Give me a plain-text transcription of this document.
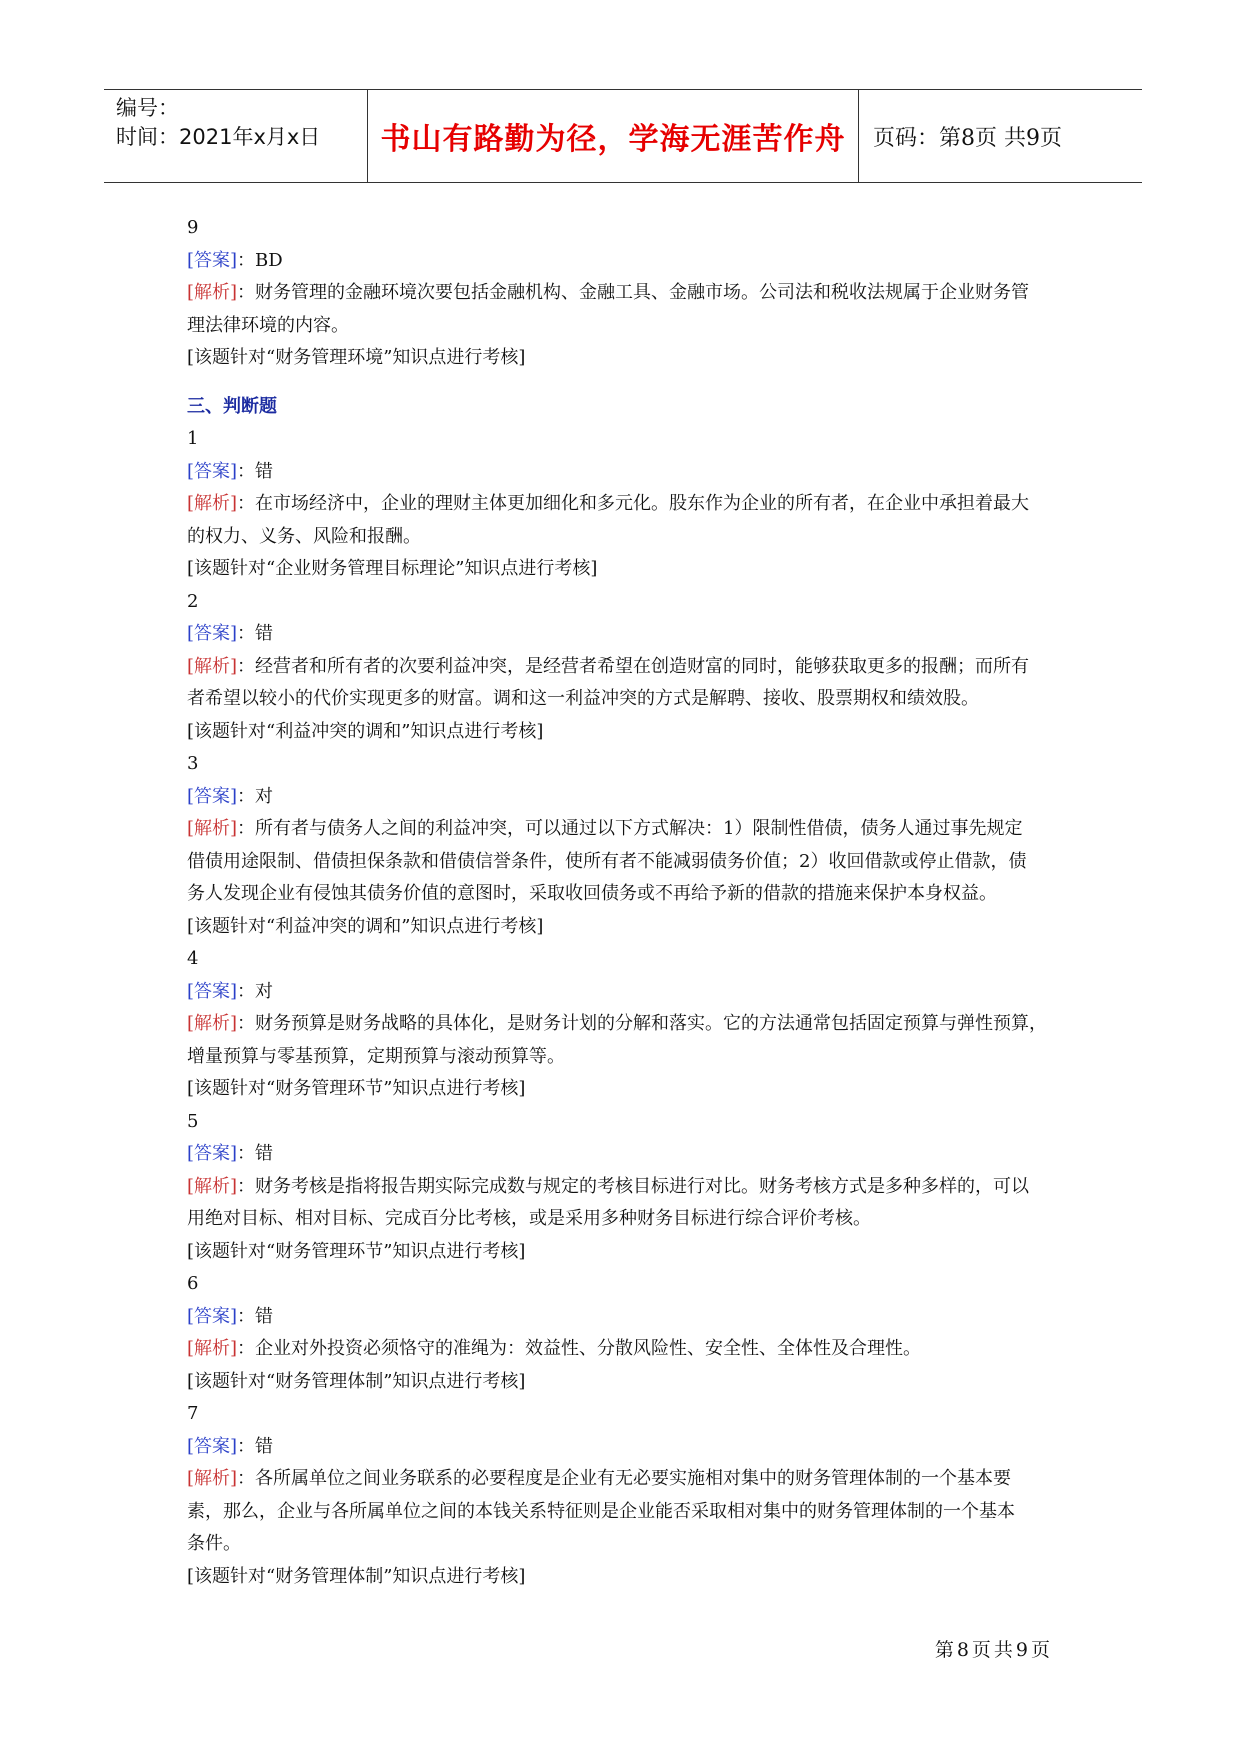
编号：
时间：2021年x月x日	书山有路勤为径，学海无涯苦作舟	页码：第8页 共9页
9
[答案]：BD
[解析]：财务管理的金融环境次要包括金融机构、金融工具、金融市场。公司法和税收法规属于企业财务管
理法律环境的内容。
[该题针对“财务管理环境”知识点进行考核]
三、判断题
1
[答案]：错
[解析]：在市场经济中，企业的理财主体更加细化和多元化。股东作为企业的所有者，在企业中承担着最大
的权力、义务、风险和报酬。
[该题针对“企业财务管理目标理论”知识点进行考核]
2
[答案]：错
[解析]：经营者和所有者的次要利益冲突，是经营者希望在创造财富的同时，能够获取更多的报酬；而所有
者希望以较小的代价实现更多的财富。调和这一利益冲突的方式是解聘、接收、股票期权和绩效股。
[该题针对“利益冲突的调和”知识点进行考核]
3
[答案]：对
[解析]：所有者与债务人之间的利益冲突，可以通过以下方式解决：1）限制性借债，债务人通过事先规定
借债用途限制、借债担保条款和借债信誉条件，使所有者不能减弱债务价值；2）收回借款或停止借款，债
务人发现企业有侵蚀其债务价值的意图时，采取收回债务或不再给予新的借款的措施来保护本身权益。
[该题针对“利益冲突的调和”知识点进行考核]
4
[答案]：对
[解析]：财务预算是财务战略的具体化，是财务计划的分解和落实。它的方法通常包括固定预算与弹性预算，
增量预算与零基预算，定期预算与滚动预算等。
[该题针对“财务管理环节”知识点进行考核]
5
[答案]：错
[解析]：财务考核是指将报告期实际完成数与规定的考核目标进行对比。财务考核方式是多种多样的，可以
用绝对目标、相对目标、完成百分比考核，或是采用多种财务目标进行综合评价考核。
[该题针对“财务管理环节”知识点进行考核]
6
[答案]：错
[解析]：企业对外投资必须恪守的准绳为：效益性、分散风险性、安全性、全体性及合理性。
[该题针对“财务管理体制”知识点进行考核]
7
[答案]：错
[解析]：各所属单位之间业务联系的必要程度是企业有无必要实施相对集中的财务管理体制的一个基本要
素，那么，企业与各所属单位之间的本钱关系特征则是企业能否采取相对集中的财务管理体制的一个基本
条件。
[该题针对“财务管理体制”知识点进行考核]
第8页共9页
